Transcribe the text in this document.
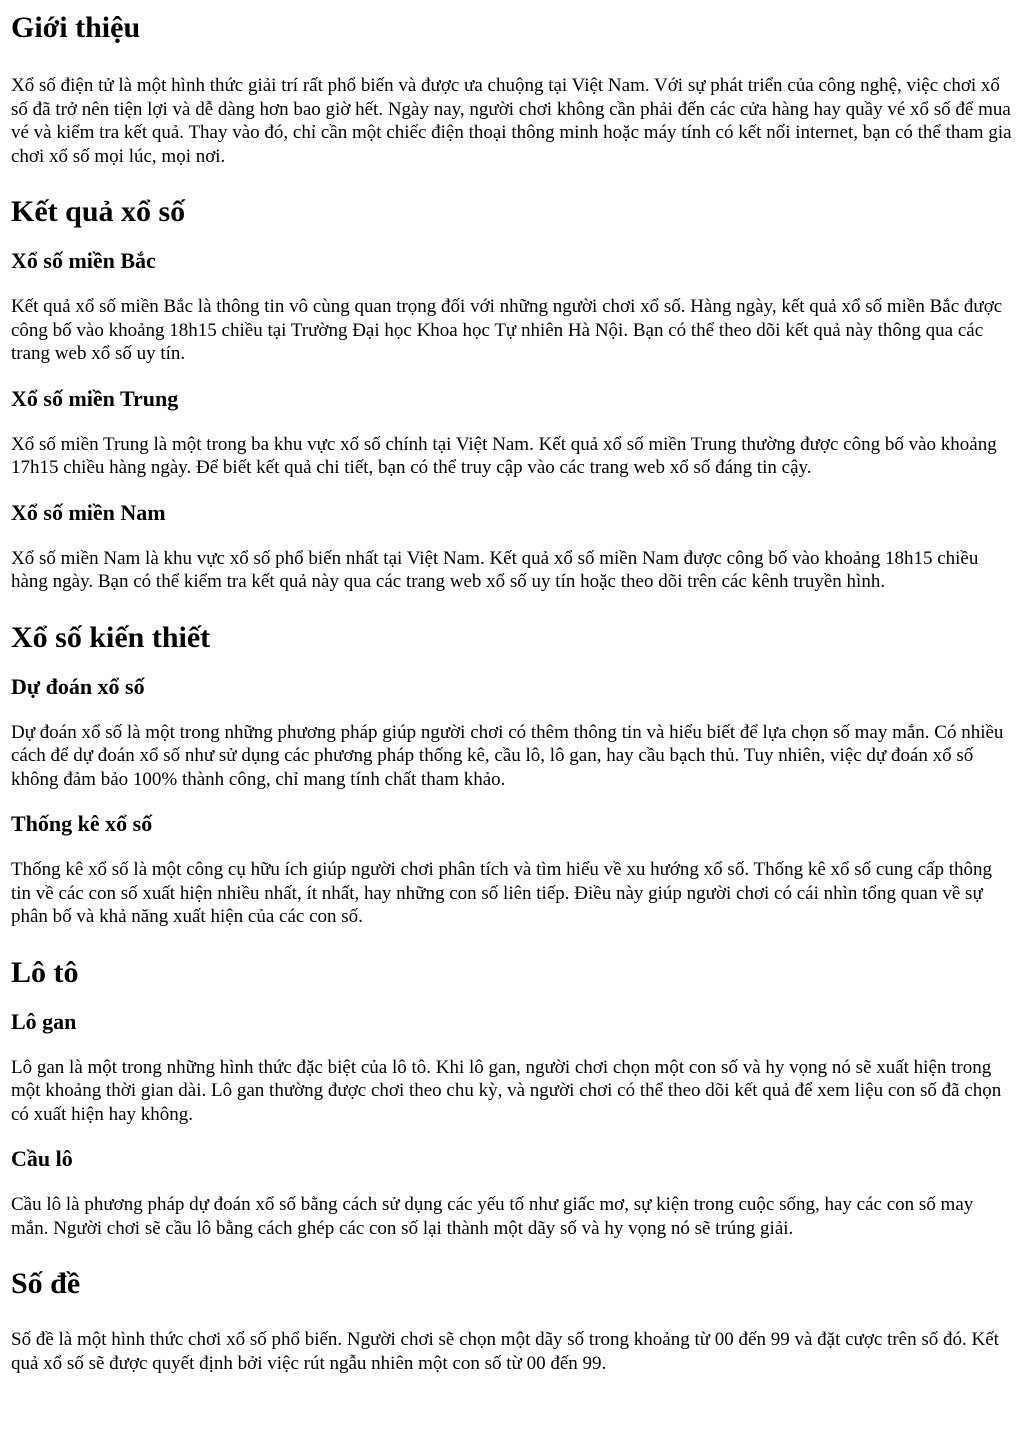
Giới thiệu

Xổ số điện tử là một hình thức giải trí rất phổ biến và được ưa chuộng tại Việt Nam. Với sự phát triển của công nghệ, việc chơi xổ số đã trở nên tiện lợi và dễ dàng hơn bao giờ hết. Ngày nay, người chơi không cần phải đến các cửa hàng hay quầy vé xổ số để mua vé và kiểm tra kết quả. Thay vào đó, chỉ cần một chiếc điện thoại thông minh hoặc máy tính có kết nối internet, bạn có thể tham gia chơi xổ số mọi lúc, mọi nơi.

Kết quả xổ số
Xổ số miền Bắc

Kết quả xổ số miền Bắc là thông tin vô cùng quan trọng đối với những người chơi xổ số. Hàng ngày, kết quả xổ số miền Bắc được công bố vào khoảng 18h15 chiều tại Trường Đại học Khoa học Tự nhiên Hà Nội. Bạn có thể theo dõi kết quả này thông qua các trang web xổ số uy tín.

Xổ số miền Trung

Xổ số miền Trung là một trong ba khu vực xổ số chính tại Việt Nam. Kết quả xổ số miền Trung thường được công bố vào khoảng 17h15 chiều hàng ngày. Để biết kết quả chi tiết, bạn có thể truy cập vào các trang web xổ số đáng tin cậy.

Xổ số miền Nam

Xổ số miền Nam là khu vực xổ số phổ biến nhất tại Việt Nam. Kết quả xổ số miền Nam được công bố vào khoảng 18h15 chiều hàng ngày. Bạn có thể kiểm tra kết quả này qua các trang web xổ số uy tín hoặc theo dõi trên các kênh truyền hình.

Xổ số kiến thiết
Dự đoán xổ số

Dự đoán xổ số là một trong những phương pháp giúp người chơi có thêm thông tin và hiểu biết để lựa chọn số may mắn. Có nhiều cách để dự đoán xổ số như sử dụng các phương pháp thống kê, cầu lô, lô gan, hay cầu bạch thủ. Tuy nhiên, việc dự đoán xổ số không đảm bảo 100% thành công, chỉ mang tính chất tham khảo.

Thống kê xổ số

Thống kê xổ số là một công cụ hữu ích giúp người chơi phân tích và tìm hiểu về xu hướng xổ số. Thống kê xổ số cung cấp thông tin về các con số xuất hiện nhiều nhất, ít nhất, hay những con số liên tiếp. Điều này giúp người chơi có cái nhìn tổng quan về sự phân bố và khả năng xuất hiện của các con số.

Lô tô
Lô gan

Lô gan là một trong những hình thức đặc biệt của lô tô. Khi lô gan, người chơi chọn một con số và hy vọng nó sẽ xuất hiện trong một khoảng thời gian dài. Lô gan thường được chơi theo chu kỳ, và người chơi có thể theo dõi kết quả để xem liệu con số đã chọn có xuất hiện hay không.

Cầu lô

Cầu lô là phương pháp dự đoán xổ số bằng cách sử dụng các yếu tố như giấc mơ, sự kiện trong cuộc sống, hay các con số may mắn. Người chơi sẽ cầu lô bằng cách ghép các con số lại thành một dãy số và hy vọng nó sẽ trúng giải.

Số đề

Số đề là một hình thức chơi xổ số phổ biến. Người chơi sẽ chọn một dãy số trong khoảng từ 00 đến 99 và đặt cược trên số đó. Kết quả xổ số sẽ được quyết định bởi việc rút ngẫu nhiên một con số từ 00 đến 99.
